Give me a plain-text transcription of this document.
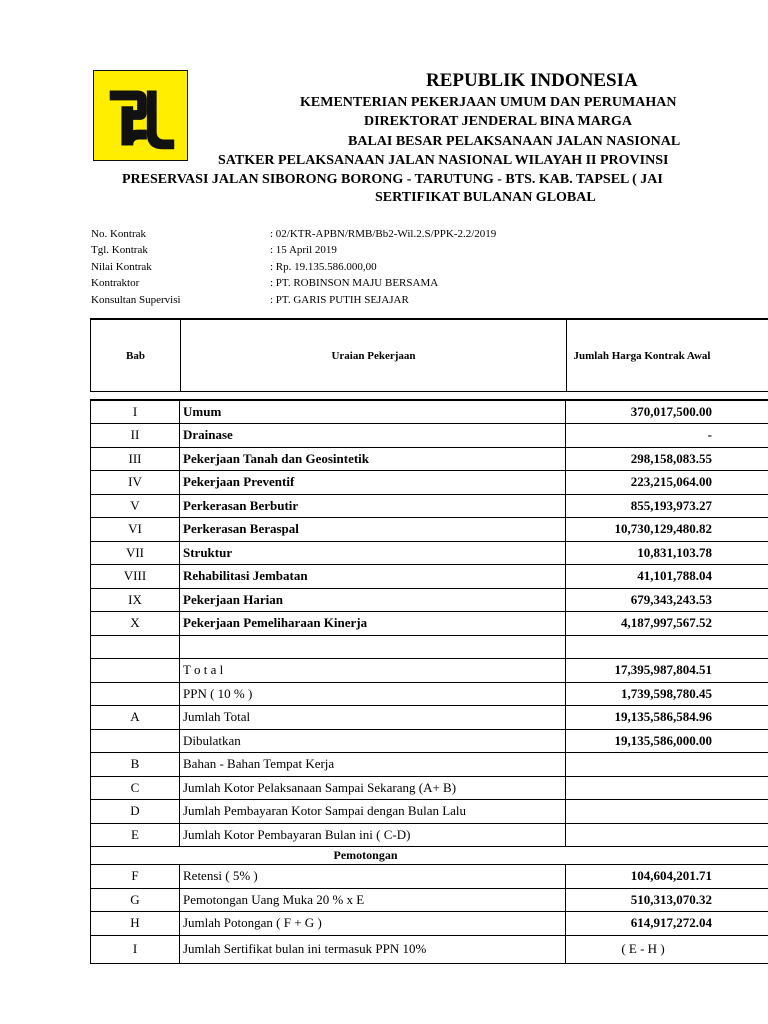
REPUBLIK INDONESIA
KEMENTERIAN PEKERJAAN UMUM DAN PERUMAHAN
DIREKTORAT JENDERAL BINA MARGA
BALAI BESAR PELAKSANAAN JALAN NASIONAL
SATKER PELAKSANAAN JALAN NASIONAL WILAYAH II PROVINSI
PRESERVASI JALAN SIBORONG BORONG - TARUTUNG - BTS. KAB. TAPSEL ( JAI
SERTIFIKAT BULANAN GLOBAL
No. Kontrak	: 02/KTR-APBN/RMB/Bb2-Wil.2.S/PPK-2.2/2019
Tgl. Kontrak	: 15 April 2019
Nilai Kontrak	: Rp. 19.135.586.000,00
Kontraktor	: PT. ROBINSON MAJU BERSAMA
Konsultan Supervisi	: PT. GARIS PUTIH SEJAJAR
Bab	Uraian Pekerjaan	Jumlah Harga Kontrak Awal
I	Umum	370,017,500.00
II	Drainase	-
III	Pekerjaan Tanah dan Geosintetik	298,158,083.55
IV	Pekerjaan Preventif	223,215,064.00
V	Perkerasan Berbutir	855,193,973.27
VI	Perkerasan Beraspal	10,730,129,480.82
VII	Struktur	10,831,103.78
VIII	Rehabilitasi Jembatan	41,101,788.04
IX	Pekerjaan Harian	679,343,243.53
X	Pekerjaan Pemeliharaan Kinerja	4,187,997,567.52

	T o t a l	17,395,987,804.51
	PPN ( 10 % )	1,739,598,780.45
A	Jumlah Total	19,135,586,584.96
	Dibulatkan	19,135,586,000.00
B	Bahan - Bahan Tempat Kerja	
C	Jumlah Kotor Pelaksanaan Sampai Sekarang (A+ B)	
D	Jumlah Pembayaran Kotor Sampai dengan Bulan Lalu	
E	Jumlah Kotor Pembayaran Bulan ini ( C-D)	
Pemotongan		
F	Retensi ( 5% )	104,604,201.71
G	Pemotongan Uang Muka 20 % x E	510,313,070.32
H	Jumlah Potongan ( F + G )	614,917,272.04
I	Jumlah Sertifikat bulan ini termasuk PPN 10%	( E - H )
